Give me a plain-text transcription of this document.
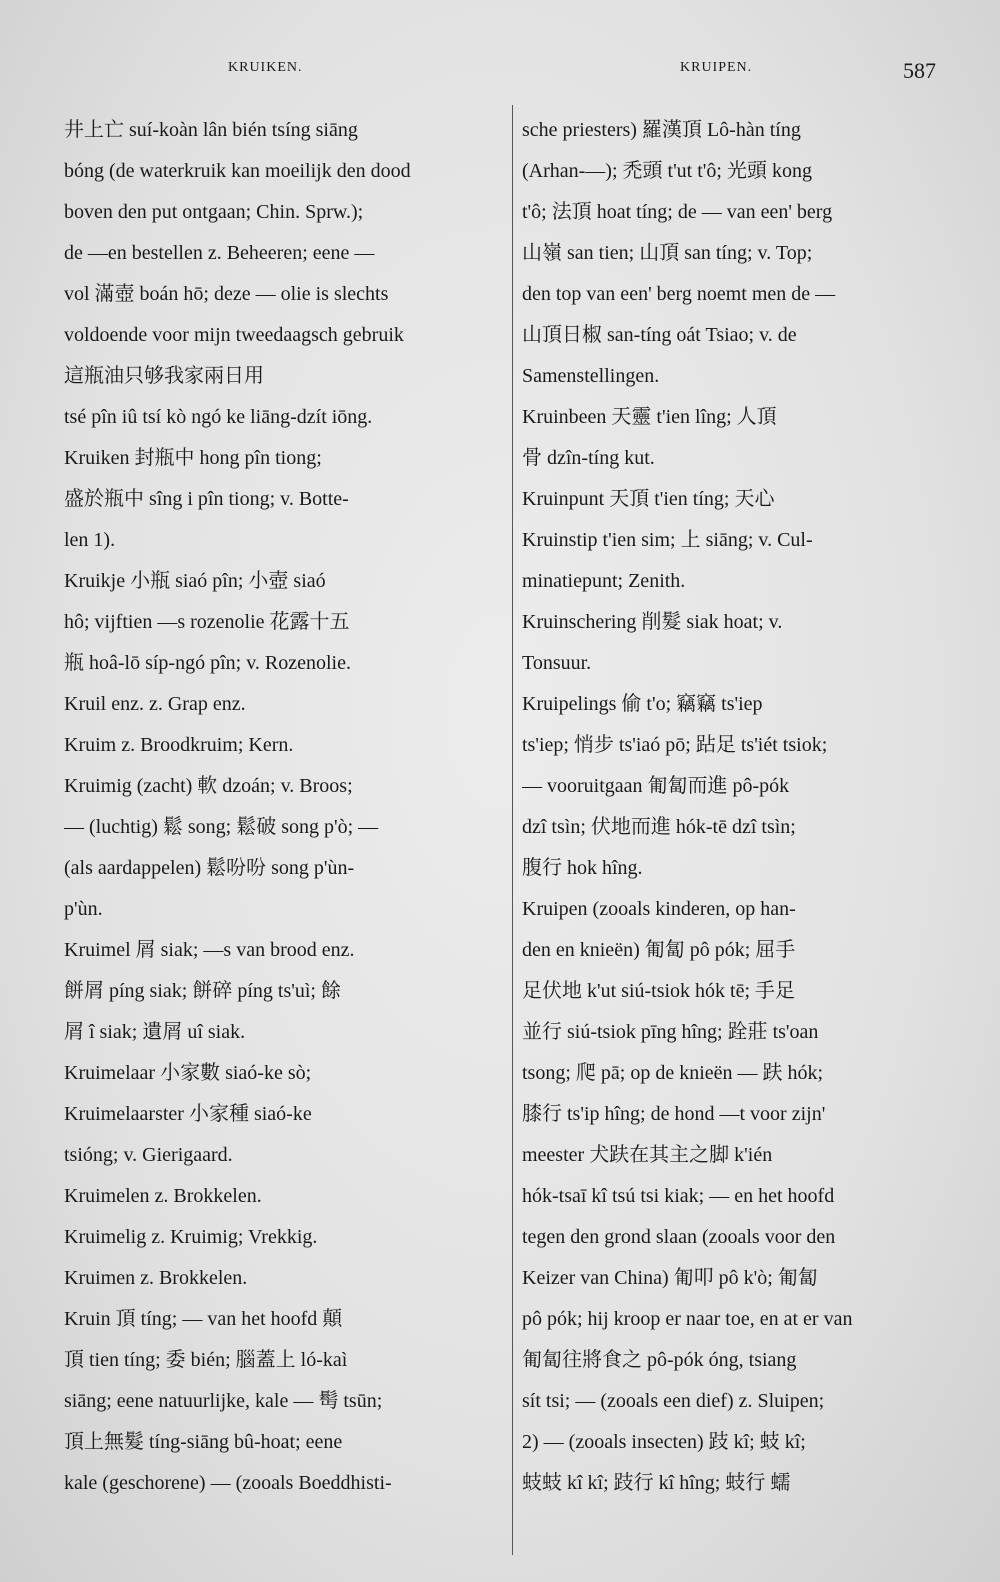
KRUIKEN.	KRUIPEN.	587
井上亡 suí-koàn lân bién tsíng siāng
bóng (de waterkruik kan moeilijk den dood
boven den put ontgaan; Chin. Sprw.);
de —en bestellen z. Beheeren; eene —
vol 滿壺 boán hō; deze — olie is slechts
voldoende voor mijn tweedaagsch gebruik
這瓶油只够我家兩日用
tsé pîn iû tsí kò ngó ke liāng-dzít iōng.
Kruiken 封瓶中 hong pîn tiong;
盛於瓶中 sîng i pîn tiong; v. Botte-
len 1).
Kruikje 小瓶 siaó pîn; 小壺 siaó
hô; vijftien —s rozenolie 花露十五
瓶 hoâ-lō síp-ngó pîn; v. Rozenolie.
Kruil enz. z. Grap enz.
Kruim z. Broodkruim; Kern.
Kruimig (zacht) 軟 dzoán; v. Broos;
— (luchtig) 鬆 song; 鬆破 song p'ò; —
(als aardappelen) 鬆吩吩 song p'ùn-
p'ùn.
Kruimel 屑 siak; —s van brood enz.
餅屑 píng siak; 餅碎 píng ts'uì; 餘
屑 î siak; 遺屑 uî siak.
Kruimelaar 小家數 siaó-ke sò;
Kruimelaarster 小家種 siaó-ke
tsióng; v. Gierigaard.
Kruimelen z. Brokkelen.
Kruimelig z. Kruimig; Vrekkig.
Kruimen z. Brokkelen.
Kruin 頂 tíng; — van het hoofd 顛
頂 tien tíng; 委 bién; 腦蓋上 ló-kaì
siāng; eene natuurlijke, kale — 髩 tsūn;
頂上無髮 tíng-siāng bû-hoat; eene
kale (geschorene) — (zooals Boeddhisti-
sche priesters) 羅漢頂 Lô-hàn tíng
(Arhan-—); 禿頭 t'ut t'ô; 光頭 kong
t'ô; 法頂 hoat tíng; de — van een' berg
山嶺 san tien; 山頂 san tíng; v. Top;
den top van een' berg noemt men de —
山頂日椒 san-tíng oát Tsiao; v. de
Samenstellingen.
Kruinbeen 天靈 t'ien lîng; 人頂
骨 dzîn-tíng kut.
Kruinpunt 天頂 t'ien tíng; 天心
Kruinstip t'ien sim; 上 siāng; v. Cul-
minatiepunt; Zenith.
Kruinschering 削髮 siak hoat; v.
Tonsuur.
Kruipelings 偷 t'o; 竊竊 ts'iep
ts'iep; 悄步 ts'iaó pō; 跕足 ts'iét tsiok;
— vooruitgaan 匍匐而進 pô-pók
dzî tsìn; 伏地而進 hók-tē dzî tsìn;
腹行 hok hîng.
Kruipen (zooals kinderen, op han-
den en knieën) 匍匐 pô pók; 屈手
足伏地 k'ut siú-tsiok hók tē; 手足
並行 siú-tsiok pīng hîng; 跧莊 ts'oan
tsong; 爬 pā; op de knieën — 趺 hók;
膝行 ts'ip hîng; de hond —t voor zijn'
meester 犬趺在其主之脚 k'ién
hók-tsaī kî tsú tsi kiak; — en het hoofd
tegen den grond slaan (zooals voor den
Keizer van China) 匍叩 pô k'ò; 匍匐
pô pók; hij kroop er naar toe, en at er van
匍匐往將食之 pô-pók óng, tsiang
sít tsi; — (zooals een dief) z. Sluipen;
2) — (zooals insecten) 跂 kî; 蚑 kî;
蚑蚑 kî kî; 跂行 kî hîng; 蚑行 蠕
